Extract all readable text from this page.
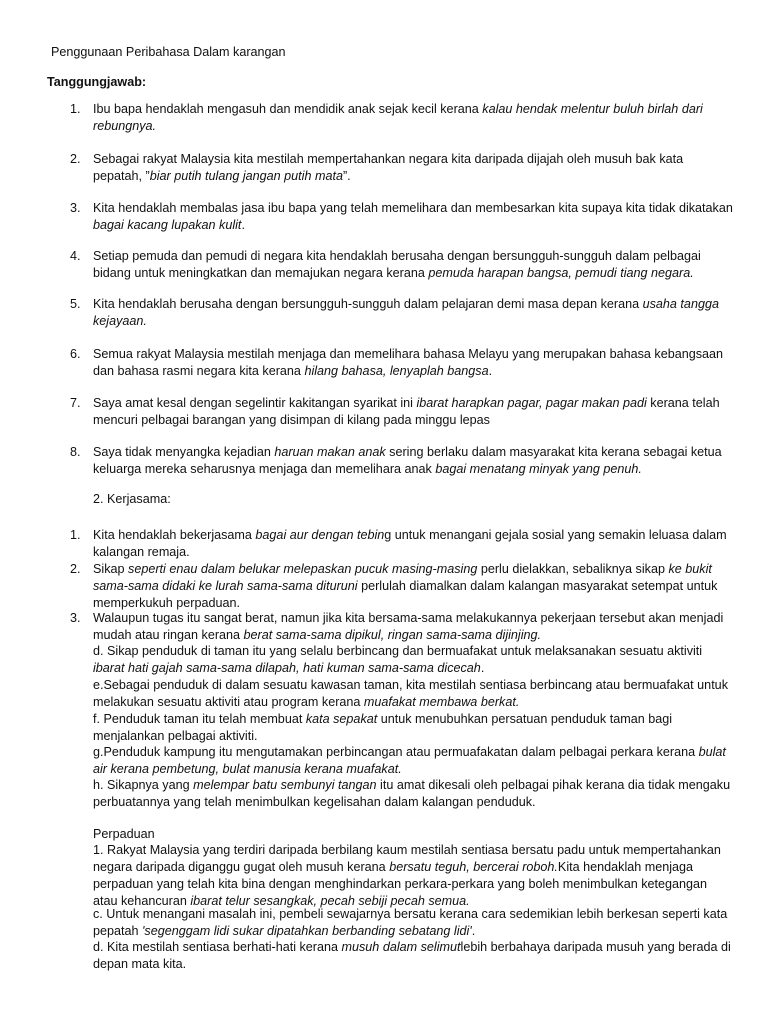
Penggunaan Peribahasa Dalam karangan
Tanggungjawab:
1. Ibu bapa hendaklah mengasuh dan mendidik anak sejak kecil kerana kalau hendak melentur buluh birlah dari rebungnya.
2. Sebagai rakyat Malaysia kita mestilah mempertahankan negara kita daripada dijajah oleh musuh bak kata pepatah, ”biar putih tulang jangan putih mata”.
3. Kita hendaklah membalas jasa ibu bapa yang telah memelihara dan membesarkan kita supaya kita tidak dikatakan bagai kacang lupakan kulit.
4. Setiap pemuda dan pemudi di negara kita hendaklah berusaha dengan bersungguh-sungguh dalam pelbagai bidang untuk meningkatkan dan memajukan negara kerana pemuda harapan bangsa, pemudi tiang negara.
5. Kita hendaklah berusaha dengan bersungguh-sungguh dalam pelajaran demi masa depan kerana usaha tangga kejayaan.
6. Semua rakyat Malaysia mestilah menjaga dan memelihara bahasa Melayu yang merupakan bahasa kebangsaan dan bahasa rasmi negara kita kerana hilang bahasa, lenyaplah bangsa.
7. Saya amat kesal dengan segelintir kakitangan syarikat ini ibarat harapkan pagar, pagar makan padi kerana telah mencuri pelbagai barangan yang disimpan di kilang pada minggu lepas
8. Saya tidak menyangka kejadian haruan makan anak sering berlaku dalam masyarakat kita kerana sebagai ketua keluarga mereka seharusnya menjaga dan memelihara anak bagai menatang minyak yang penuh.
2. Kerjasama:
1. Kita hendaklah bekerjasama bagai aur dengan tebing untuk menangani gejala sosial yang semakin leluasa dalam kalangan remaja.
2. Sikap seperti enau dalam belukar melepaskan pucuk masing-masing perlu dielakkan, sebaliknya sikap ke bukit sama-sama didaki ke lurah sama-sama dituruni perlulah diamalkan dalam kalangan masyarakat setempat untuk memperkukuh perpaduan.
3. Walaupun tugas itu sangat berat, namun jika kita bersama-sama melakukannya pekerjaan tersebut akan menjadi mudah atau ringan kerana berat sama-sama dipikul, ringan sama-sama dijinjing.
d. Sikap penduduk di taman itu yang selalu berbincang dan bermuafakat untuk melaksanakan sesuatu aktiviti ibarat hati gajah sama-sama dilapah, hati kuman sama-sama dicecah.
e.Sebagai penduduk di dalam sesuatu kawasan taman, kita mestilah sentiasa berbincang atau bermuafakat untuk melakukan sesuatu aktiviti atau program kerana muafakat membawa berkat.
f. Penduduk taman itu telah membuat kata sepakat untuk menubuhkan persatuan penduduk taman bagi menjalankan pelbagai aktiviti.
g.Penduduk kampung itu mengutamakan perbincangan atau permuafakatan dalam pelbagai perkara kerana bulat air kerana pembetung, bulat manusia kerana muafakat.
h. Sikapnya yang melempar batu sembunyi tangan itu amat dikesali oleh pelbagai pihak kerana dia tidak mengaku perbuatannya yang telah menimbulkan kegelisahan dalam kalangan penduduk.
Perpaduan
1. Rakyat Malaysia yang terdiri daripada berbilang kaum mestilah sentiasa bersatu padu untuk mempertahankan negara daripada diganggu gugat oleh musuh kerana bersatu teguh, bercerai roboh.Kita hendaklah menjaga perpaduan yang telah kita bina dengan menghindarkan perkara-perkara yang boleh menimbulkan ketegangan atau kehancuran ibarat telur sesangkak, pecah sebiji pecah semua.
c. Untuk menangani masalah ini, pembeli sewajarnya bersatu kerana cara sedemikian lebih berkesan seperti kata pepatah 'segenggam lidi sukar dipatahkan berbanding sebatang lidi'.
d. Kita mestilah sentiasa berhati-hati kerana musuh dalam selimutlebih berbahaya daripada musuh yang berada di depan mata kita.
